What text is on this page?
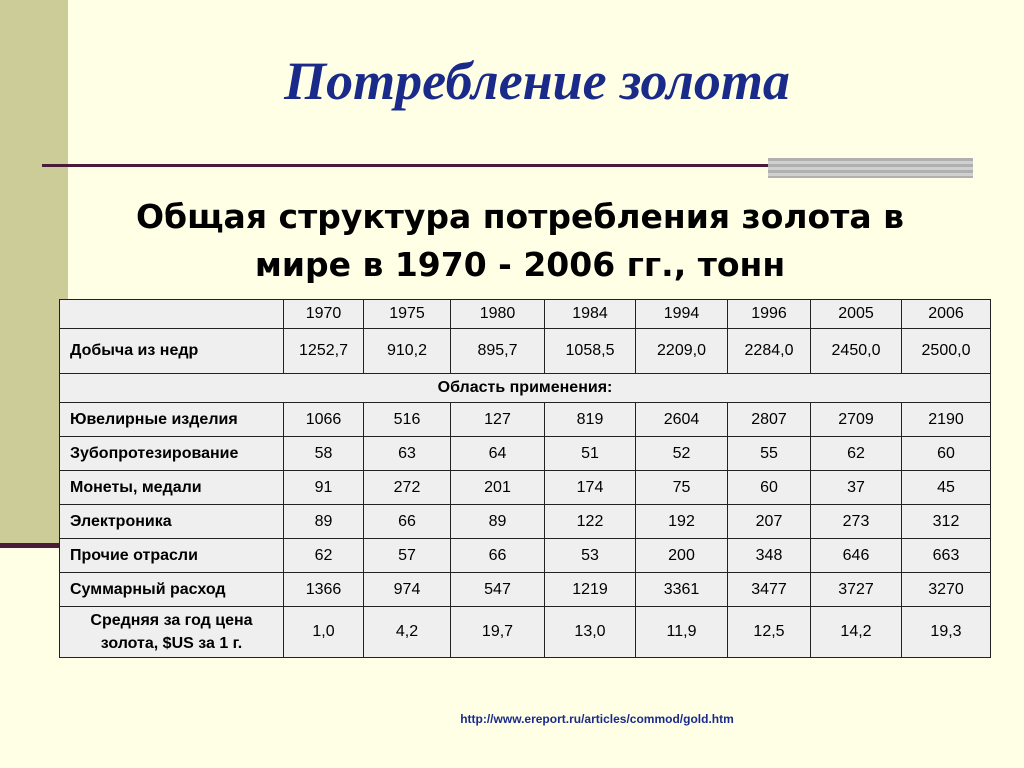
Потребление золота
Общая структура потребления золота в
мире в 1970 - 2006 гг., тонн
	1970	1975	1980	1984	1994	1996	2005	2006
Добыча из недр	1252,7	910,2	895,7	1058,5	2209,0	2284,0	2450,0	2500,0
Область применения:								
Ювелирные изделия	1066	516	127	819	2604	2807	2709	2190
Зубопротезирование	58	63	64	51	52	55	62	60
Монеты, медали	91	272	201	174	75	60	37	45
Электроника	89	66	89	122	192	207	273	312
Прочие отрасли	62	57	66	53	200	348	646	663
Суммарный расход	1366	974	547	1219	3361	3477	3727	3270
Средняя за год цена
золота, $US за 1 г.	1,0	4,2	19,7	13,0	11,9	12,5	14,2	19,3
http://www.ereport.ru/articles/commod/gold.htm
